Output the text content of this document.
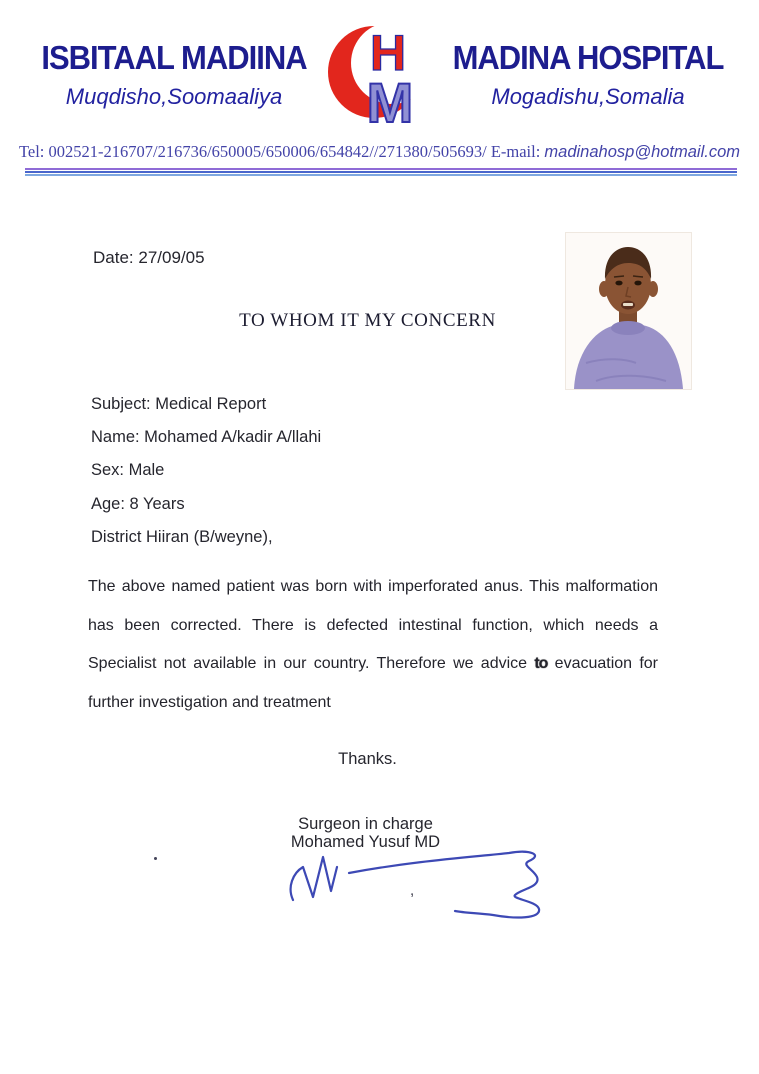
ISBITAAL MADIINA
Muqdisho,Soomaaliya
H
M
MADINA HOSPITAL
Mogadishu,Somalia
Tel: 002521-216707/216736/650005/650006/654842//271380/505693/ E-mail: madinahosp@hotmail.com
Date: 27/09/05
TO WHOM IT MY CONCERN
Subject: Medical Report
Name: Mohamed A/kadir A/llahi
Sex: Male
Age: 8 Years
District Hiiran (B/weyne),

The above named patient was born with imperforated anus. This malformation has been corrected. There is defected intestinal function, which needs a Specialist not available in our country. Therefore we advice to evacuation for further investigation and treatment

Thanks.
Surgeon in charge
Mohamed Yusuf MD
,
